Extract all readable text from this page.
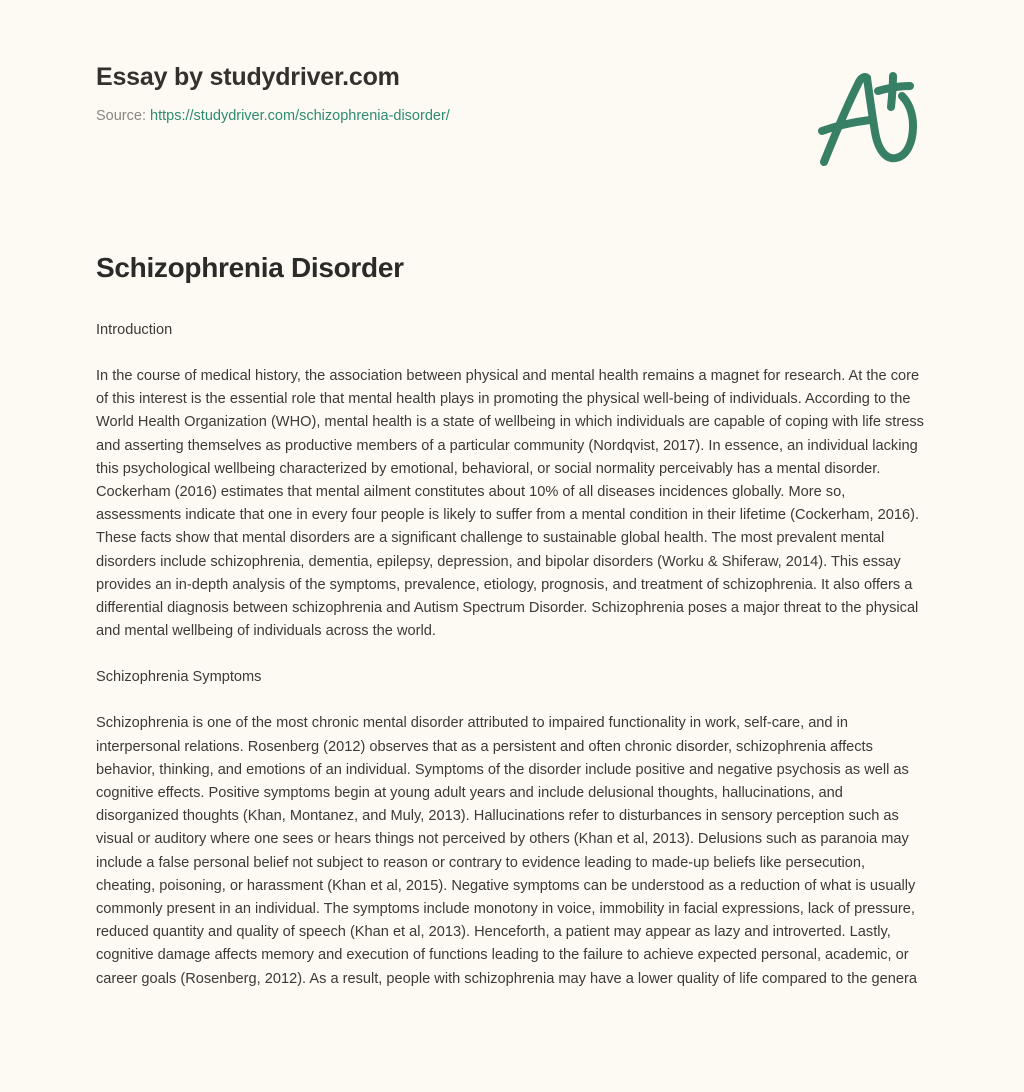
Essay by studydriver.com
Source: https://studydriver.com/schizophrenia-disorder/
Schizophrenia Disorder
Introduction

In the course of medical history, the association between physical and mental health remains a magnet for research. At the core of this interest is the essential role that mental health plays in promoting the physical well-being of individuals. According to the World Health Organization (WHO), mental health is a state of wellbeing in which individuals are capable of coping with life stress and asserting themselves as productive members of a particular community (Nordqvist, 2017). In essence, an individual lacking this psychological wellbeing characterized by emotional, behavioral, or social normality perceivably has a mental disorder. Cockerham (2016) estimates that mental ailment constitutes about 10% of all diseases incidences globally. More so, assessments indicate that one in every four people is likely to suffer from a mental condition in their lifetime (Cockerham, 2016). These facts show that mental disorders are a significant challenge to sustainable global health. The most prevalent mental disorders include schizophrenia, dementia, epilepsy, depression, and bipolar disorders (Worku & Shiferaw, 2014). This essay provides an in-depth analysis of the symptoms, prevalence, etiology, prognosis, and treatment of schizophrenia. It also offers a differential diagnosis between schizophrenia and Autism Spectrum Disorder. Schizophrenia poses a major threat to the physical and mental wellbeing of individuals across the world.

Schizophrenia Symptoms

Schizophrenia is one of the most chronic mental disorder attributed to impaired functionality in work, self-care, and in interpersonal relations. Rosenberg (2012) observes that as a persistent and often chronic disorder, schizophrenia affects behavior, thinking, and emotions of an individual. Symptoms of the disorder include positive and negative psychosis as well as cognitive effects. Positive symptoms begin at young adult years and include delusional thoughts, hallucinations, and disorganized thoughts (Khan, Montanez, and Muly, 2013). Hallucinations refer to disturbances in sensory perception such as visual or auditory where one sees or hears things not perceived by others (Khan et al, 2013). Delusions such as paranoia may include a false personal belief not subject to reason or contrary to evidence leading to made-up beliefs like persecution, cheating, poisoning, or harassment (Khan et al, 2015). Negative symptoms can be understood as a reduction of what is usually commonly present in an individual. The symptoms include monotony in voice, immobility in facial expressions, lack of pressure, reduced quantity and quality of speech (Khan et al, 2013). Henceforth, a patient may appear as lazy and introverted. Lastly, cognitive damage affects memory and execution of functions leading to the failure to achieve expected personal, academic, or career goals (Rosenberg, 2012). As a result, people with schizophrenia may have a lower quality of life compared to the genera
